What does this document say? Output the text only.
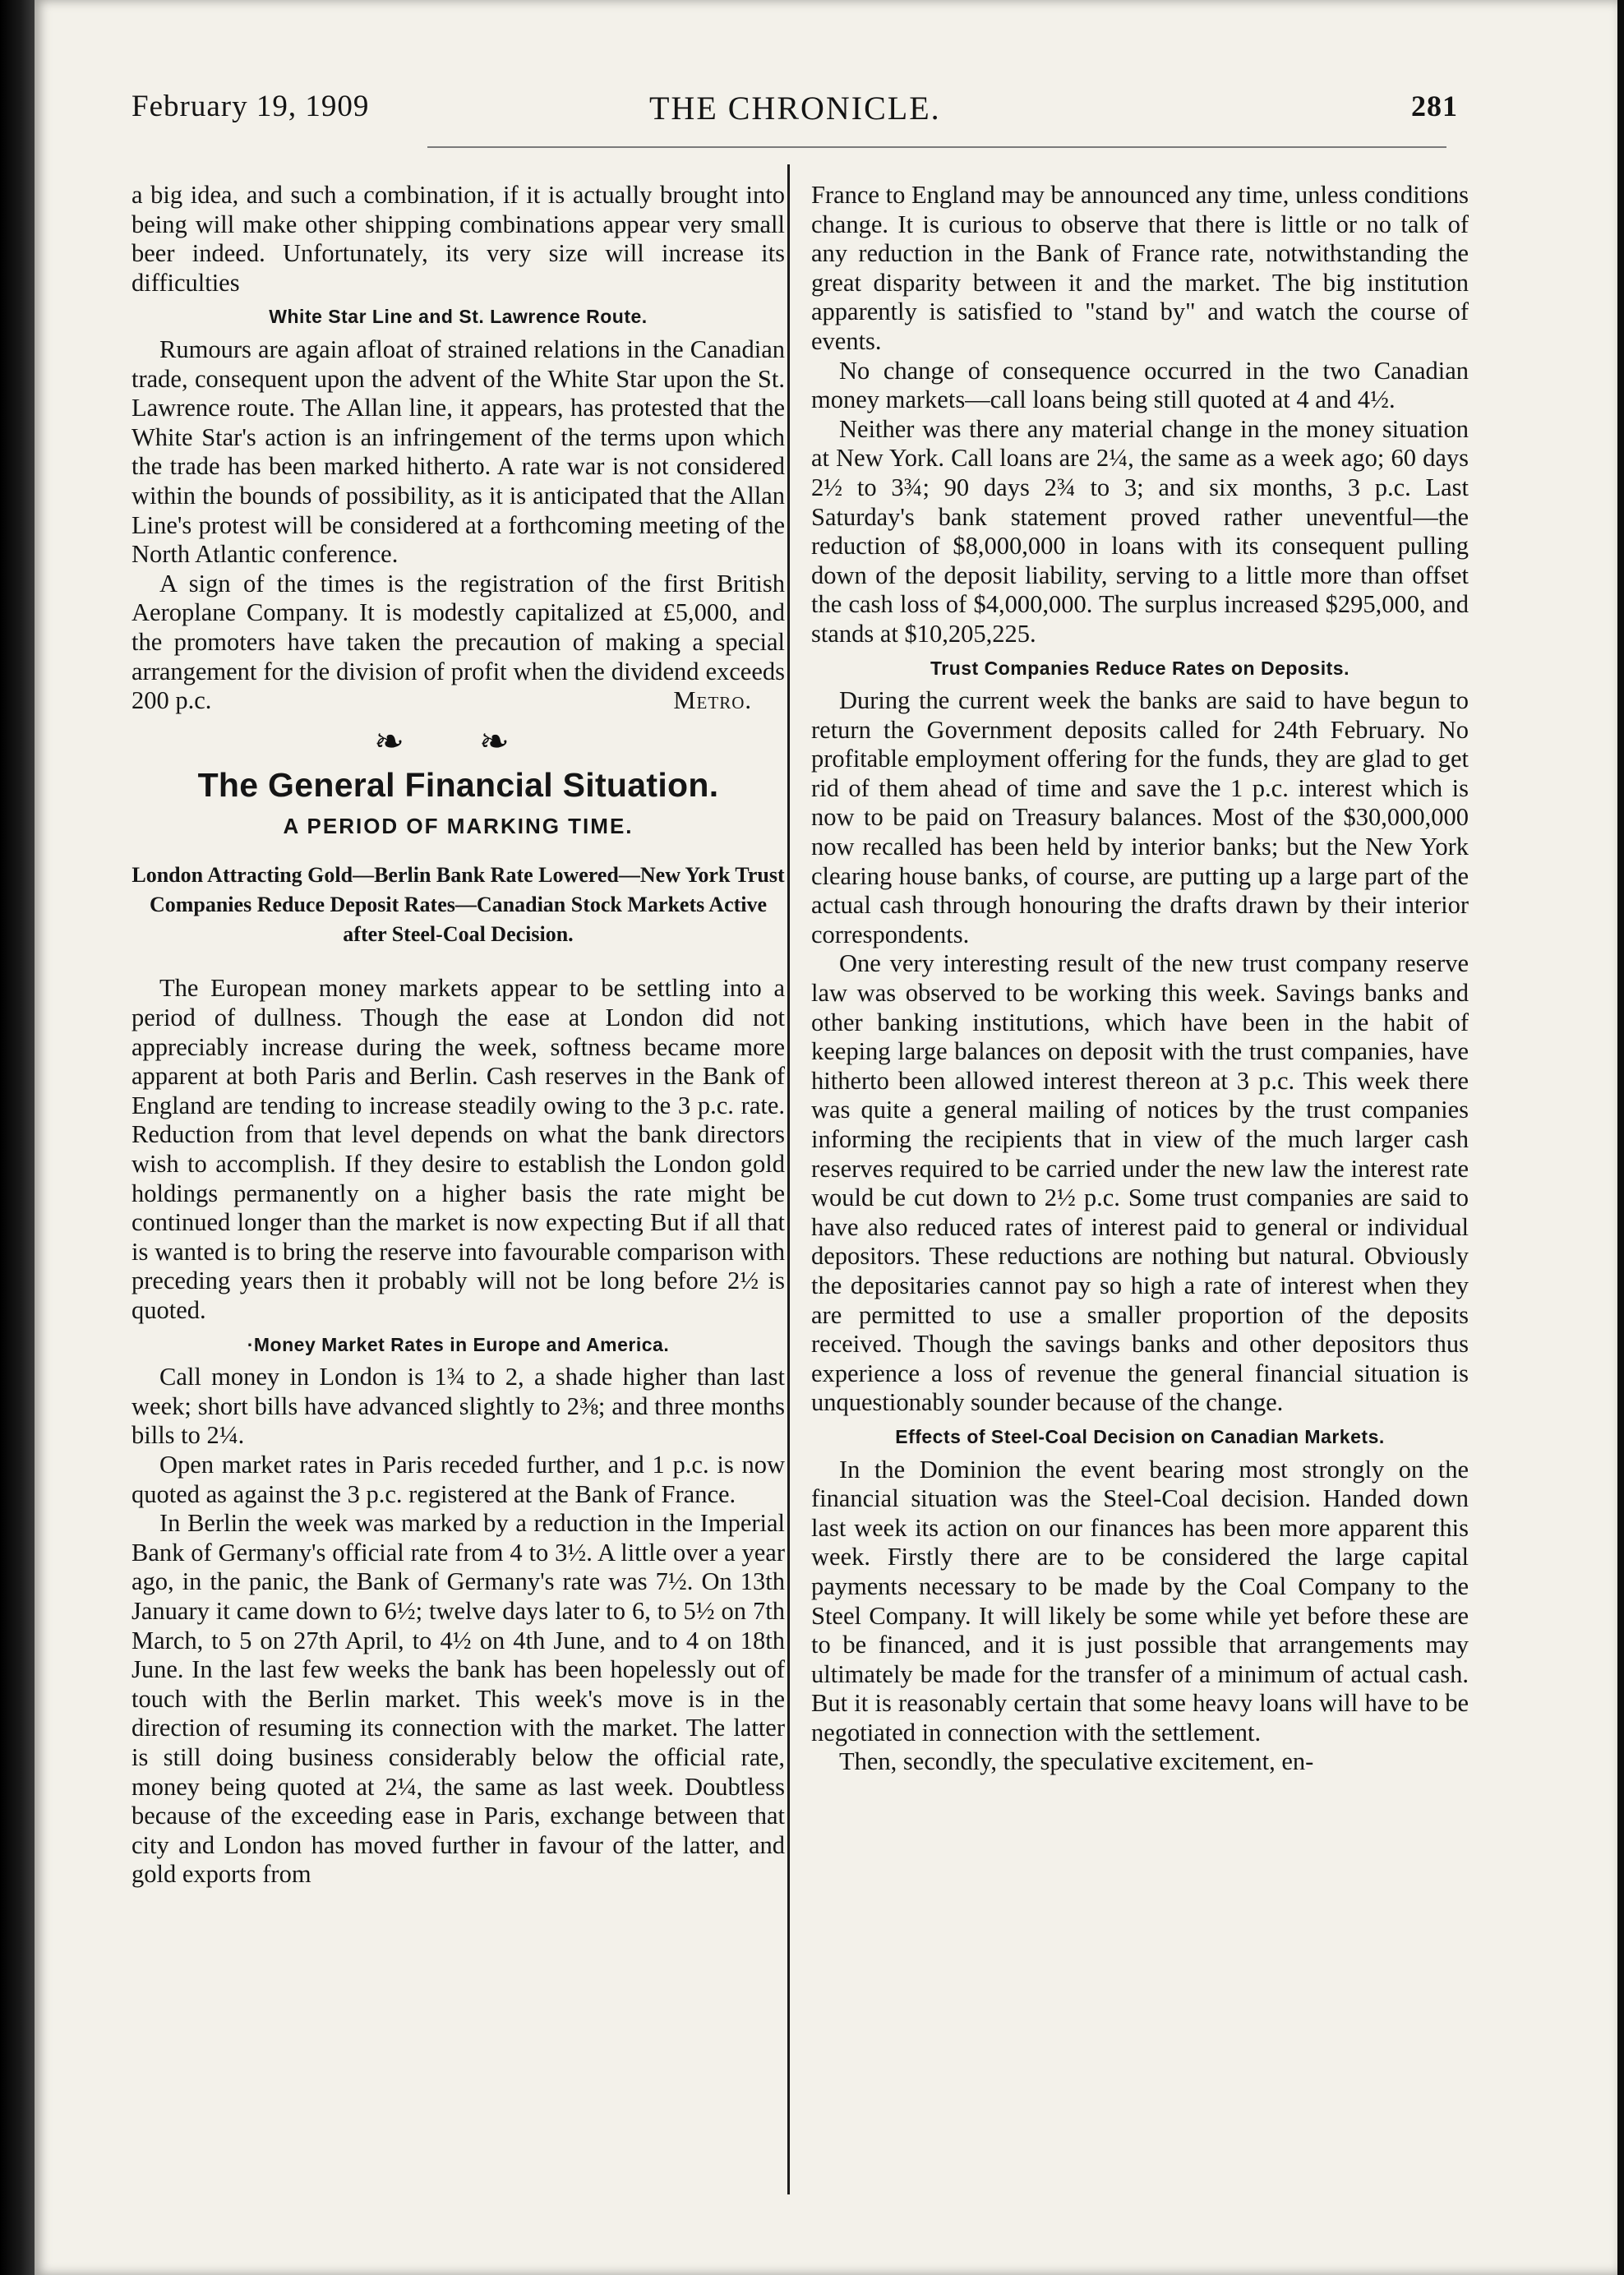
February 19, 1909	THE CHRONICLE.	281

a big idea, and such a combination, if it is actually brought into being will make other shipping combinations appear very small beer indeed. Unfortunately, its very size will increase its difficulties

White Star Line and St. Lawrence Route.

Rumours are again afloat of strained relations in the Canadian trade, consequent upon the advent of the White Star upon the St. Lawrence route. The Allan line, it appears, has protested that the White Star's action is an infringement of the terms upon which the trade has been marked hitherto. A rate war is not considered within the bounds of possibility, as it is anticipated that the Allan Line's protest will be considered at a forthcoming meeting of the North Atlantic conference.

A sign of the times is the registration of the first British Aeroplane Company. It is modestly capitalized at £5,000, and the promoters have taken the precaution of making a special arrangement for the division of profit when the dividend exceeds 200 p.c.	Metro.
❧ ❧
The General Financial Situation.
A PERIOD OF MARKING TIME.
London Attracting Gold—Berlin Bank Rate Lowered—New York Trust Companies Reduce Deposit Rates—Canadian Stock Markets Active after Steel-Coal Decision.

The European money markets appear to be settling into a period of dullness. Though the ease at London did not appreciably increase during the week, softness became more apparent at both Paris and Berlin. Cash reserves in the Bank of England are tending to increase steadily owing to the 3 p.c. rate. Reduction from that level depends on what the bank directors wish to accomplish. If they desire to establish the London gold holdings permanently on a higher basis the rate might be continued longer than the market is now expecting But if all that is wanted is to bring the reserve into favourable comparison with preceding years then it probably will not be long before 2½ is quoted.

·Money Market Rates in Europe and America.

Call money in London is 1¾ to 2, a shade higher than last week; short bills have advanced slightly to 2⅜; and three months bills to 2¼.

Open market rates in Paris receded further, and 1 p.c. is now quoted as against the 3 p.c. registered at the Bank of France.

In Berlin the week was marked by a reduction in the Imperial Bank of Germany's official rate from 4 to 3½. A little over a year ago, in the panic, the Bank of Germany's rate was 7½. On 13th January it came down to 6½; twelve days later to 6, to 5½ on 7th March, to 5 on 27th April, to 4½ on 4th June, and to 4 on 18th June. In the last few weeks the bank has been hopelessly out of touch with the Berlin market. This week's move is in the direction of resuming its connection with the market. The latter is still doing business considerably below the official rate, money being quoted at 2¼, the same as last week. Doubtless because of the exceeding ease in Paris, exchange between that city and London has moved further in favour of the latter, and gold exports from

France to England may be announced any time, unless conditions change. It is curious to observe that there is little or no talk of any reduction in the Bank of France rate, notwithstanding the great disparity between it and the market. The big institution apparently is satisfied to "stand by" and watch the course of events.

No change of consequence occurred in the two Canadian money markets—call loans being still quoted at 4 and 4½.

Neither was there any material change in the money situation at New York. Call loans are 2¼, the same as a week ago; 60 days 2½ to 3¾; 90 days 2¾ to 3; and six months, 3 p.c. Last Saturday's bank statement proved rather uneventful—the reduction of $8,000,000 in loans with its consequent pulling down of the deposit liability, serving to a little more than offset the cash loss of $4,000,000. The surplus increased $295,000, and stands at $10,205,225.

Trust Companies Reduce Rates on Deposits.

During the current week the banks are said to have begun to return the Government deposits called for 24th February. No profitable employment offering for the funds, they are glad to get rid of them ahead of time and save the 1 p.c. interest which is now to be paid on Treasury balances. Most of the $30,000,000 now recalled has been held by interior banks; but the New York clearing house banks, of course, are putting up a large part of the actual cash through honouring the drafts drawn by their interior correspondents.

One very interesting result of the new trust company reserve law was observed to be working this week. Savings banks and other banking institutions, which have been in the habit of keeping large balances on deposit with the trust companies, have hitherto been allowed interest thereon at 3 p.c. This week there was quite a general mailing of notices by the trust companies informing the recipients that in view of the much larger cash reserves required to be carried under the new law the interest rate would be cut down to 2½ p.c. Some trust companies are said to have also reduced rates of interest paid to general or individual depositors. These reductions are nothing but natural. Obviously the depositaries cannot pay so high a rate of interest when they are permitted to use a smaller proportion of the deposits received. Though the savings banks and other depositors thus experience a loss of revenue the general financial situation is unquestionably sounder because of the change.

Effects of Steel-Coal Decision on Canadian Markets.

In the Dominion the event bearing most strongly on the financial situation was the Steel-Coal decision. Handed down last week its action on our finances has been more apparent this week. Firstly there are to be considered the large capital payments necessary to be made by the Coal Company to the Steel Company. It will likely be some while yet before these are to be financed, and it is just possible that arrangements may ultimately be made for the transfer of a minimum of actual cash. But it is reasonably certain that some heavy loans will have to be negotiated in connection with the settlement.

Then, secondly, the speculative excitement, en-
